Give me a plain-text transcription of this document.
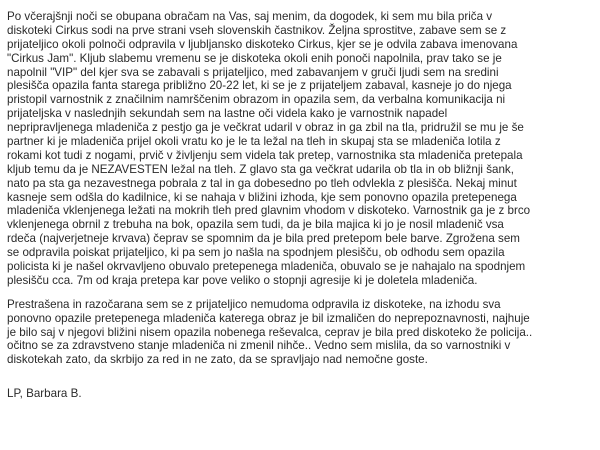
Po včerajšnji noči se obupana obračam na Vas, saj menim, da dogodek, ki sem mu bila priča v
diskoteki Cirkus sodi na prve strani vseh slovenskih častnikov. Željna sprostitve, zabave sem se z
prijateljico okoli polnoči odpravila v ljubljansko diskoteko Cirkus, kjer se je odvila zabava imenovana
"Cirkus Jam". Kljub slabemu vremenu se je diskoteka okoli enih ponoči napolnila, prav tako se je
napolnil "VIP" del kjer sva se zabavali s prijateljico, med zabavanjem v gruči ljudi sem na sredini
plesišča opazila fanta starega približno 20-22 let, ki se je z prijateljem zabaval, kasneje jo do njega
pristopil varnostnik z značilnim namrščenim obrazom in opazila sem, da verbalna komunikacija ni
prijateljska v naslednjih sekundah sem na lastne oči videla kako je varnostnik napadel
nepripravljenega mladeniča z pestjo ga je večkrat udaril v obraz in ga zbil na tla, pridružil se mu je še
partner ki je mladeniča prijel okoli vratu ko je le ta ležal na tleh in skupaj sta se mladeniča lotila z
rokami kot tudi z nogami, prvič v življenju sem videla tak pretep, varnostnika sta mladeniča pretepala
kljub temu da je NEZAVESTEN ležal na tleh. Z glavo sta ga večkrat udarila ob tla in ob bližnji šank,
nato pa sta ga nezavestnega pobrala z tal in ga dobesedno po tleh odvlekla z plesišča. Nekaj minut
kasneje sem odšla do kadilnice, ki se nahaja v bližini izhoda, kje sem ponovno opazila pretepenega
mladeniča vklenjenega ležati na mokrih tleh pred glavnim vhodom v diskoteko. Varnostnik ga je z brco
vklenjenega obrnil z trebuha na bok, opazila sem tudi, da je bila majica ki jo je nosil mladenič vsa
rdeča (najverjetneje krvava) čeprav se spomnim da je bila pred pretepom bele barve. Zgrožena sem
se odpravila poiskat prijateljico, ki pa sem jo našla na spodnjem plesišču, ob odhodu sem opazila
policista ki je našel okrvavljeno obuvalo pretepenega mladeniča, obuvalo se je nahajalo na spodnjem
plesišču cca. 7m od kraja pretepa kar pove veliko o stopnji agresije ki je doletela mladeniča.
Prestrašena in razočarana sem se z prijateljico nemudoma odpravila iz diskoteke, na izhodu sva
ponovno opazile pretepenega mladeniča katerega obraz je bil izmaličen do neprepoznavnosti, najhuje
je bilo saj v njegovi bližini nisem opazila nobenega reševalca, ceprav je bila pred diskoteko že policija..
očitno se za zdravstveno stanje mladeniča ni zmenil nihče.. Vedno sem mislila, da so varnostniki v
diskotekah zato, da skrbijo za red in ne zato, da se spravljajo nad nemočne goste.
LP, Barbara B.
